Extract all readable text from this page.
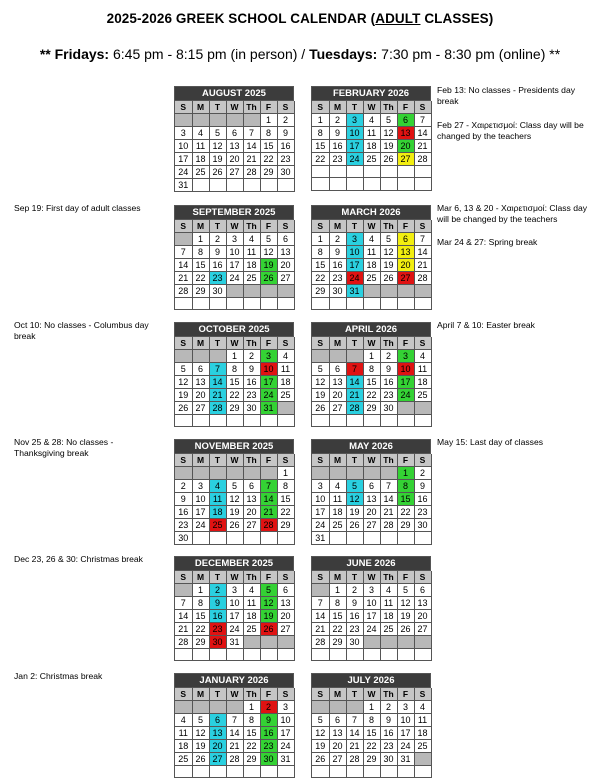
2025-2026 GREEK SCHOOL CALENDAR (ADULT CLASSES)
** Fridays: 6:45 pm - 8:15 pm (in person) / Tuesdays: 7:30 pm - 8:30 pm (online) **
AUGUST 2025
S	M	T	W	Th	F	S
					1	2
3	4	5	6	7	8	9
10	11	12	13	14	15	16
17	18	19	20	21	22	23
24	25	26	27	28	29	30
31						
FEBRUARY 2026
S	M	T	W	Th	F	S
1	2	3	4	5	6	7
8	9	10	11	12	13	14
15	16	17	18	19	20	21
22	23	24	25	26	27	28

SEPTEMBER 2025
S	M	T	W	Th	F	S
	1	2	3	4	5	6
7	8	9	10	11	12	13
14	15	16	17	18	19	20
21	22	23	24	25	26	27
28	29	30				

MARCH 2026
S	M	T	W	Th	F	S
1	2	3	4	5	6	7
8	9	10	11	12	13	14
15	16	17	18	19	20	21
22	23	24	25	26	27	28
29	30	31				

OCTOBER 2025
S	M	T	W	Th	F	S
			1	2	3	4
5	6	7	8	9	10	11
12	13	14	15	16	17	18
19	20	21	22	23	24	25
26	27	28	29	30	31	

APRIL 2026
S	M	T	W	Th	F	S
			1	2	3	4
5	6	7	8	9	10	11
12	13	14	15	16	17	18
19	20	21	22	23	24	25
26	27	28	29	30		

NOVEMBER 2025
S	M	T	W	Th	F	S
						1
2	3	4	5	6	7	8
9	10	11	12	13	14	15
16	17	18	19	20	21	22
23	24	25	26	27	28	29
30						
MAY 2026
S	M	T	W	Th	F	S
					1	2
3	4	5	6	7	8	9
10	11	12	13	14	15	16
17	18	19	20	21	22	23
24	25	26	27	28	29	30
31						
DECEMBER 2025
S	M	T	W	Th	F	S
	1	2	3	4	5	6
7	8	9	10	11	12	13
14	15	16	17	18	19	20
21	22	23	24	25	26	27
28	29	30	31			

JUNE 2026
S	M	T	W	Th	F	S
	1	2	3	4	5	6
7	8	9	10	11	12	13
14	15	16	17	18	19	20
21	22	23	24	25	26	27
28	29	30				

JANUARY 2026
S	M	T	W	Th	F	S
				1	2	3
4	5	6	7	8	9	10
11	12	13	14	15	16	17
18	19	20	21	22	23	24
25	26	27	28	29	30	31

JULY 2026
S	M	T	W	Th	F	S
			1	2	3	4
5	6	7	8	9	10	11
12	13	14	15	16	17	18
19	20	21	22	23	24	25
26	27	28	29	30	31	

Feb 13: No classes - Presidents day break
Feb 27 - Χαιρετισμοί: Class day will be changed by the teachers
Sep 19: First day of adult classes	Mar 6, 13 & 20 - Χαιρετισμοί: Class day will be changed by the teachers
Mar 24 & 27: Spring break
Oct 10: No classes - Columbus day break
April 7 & 10: Easter break
Nov 25 & 28: No classes - Thanksgiving break
May 15: Last day of classes
Dec 23, 26 & 30: Christmas break
Jan 2: Christmas break
